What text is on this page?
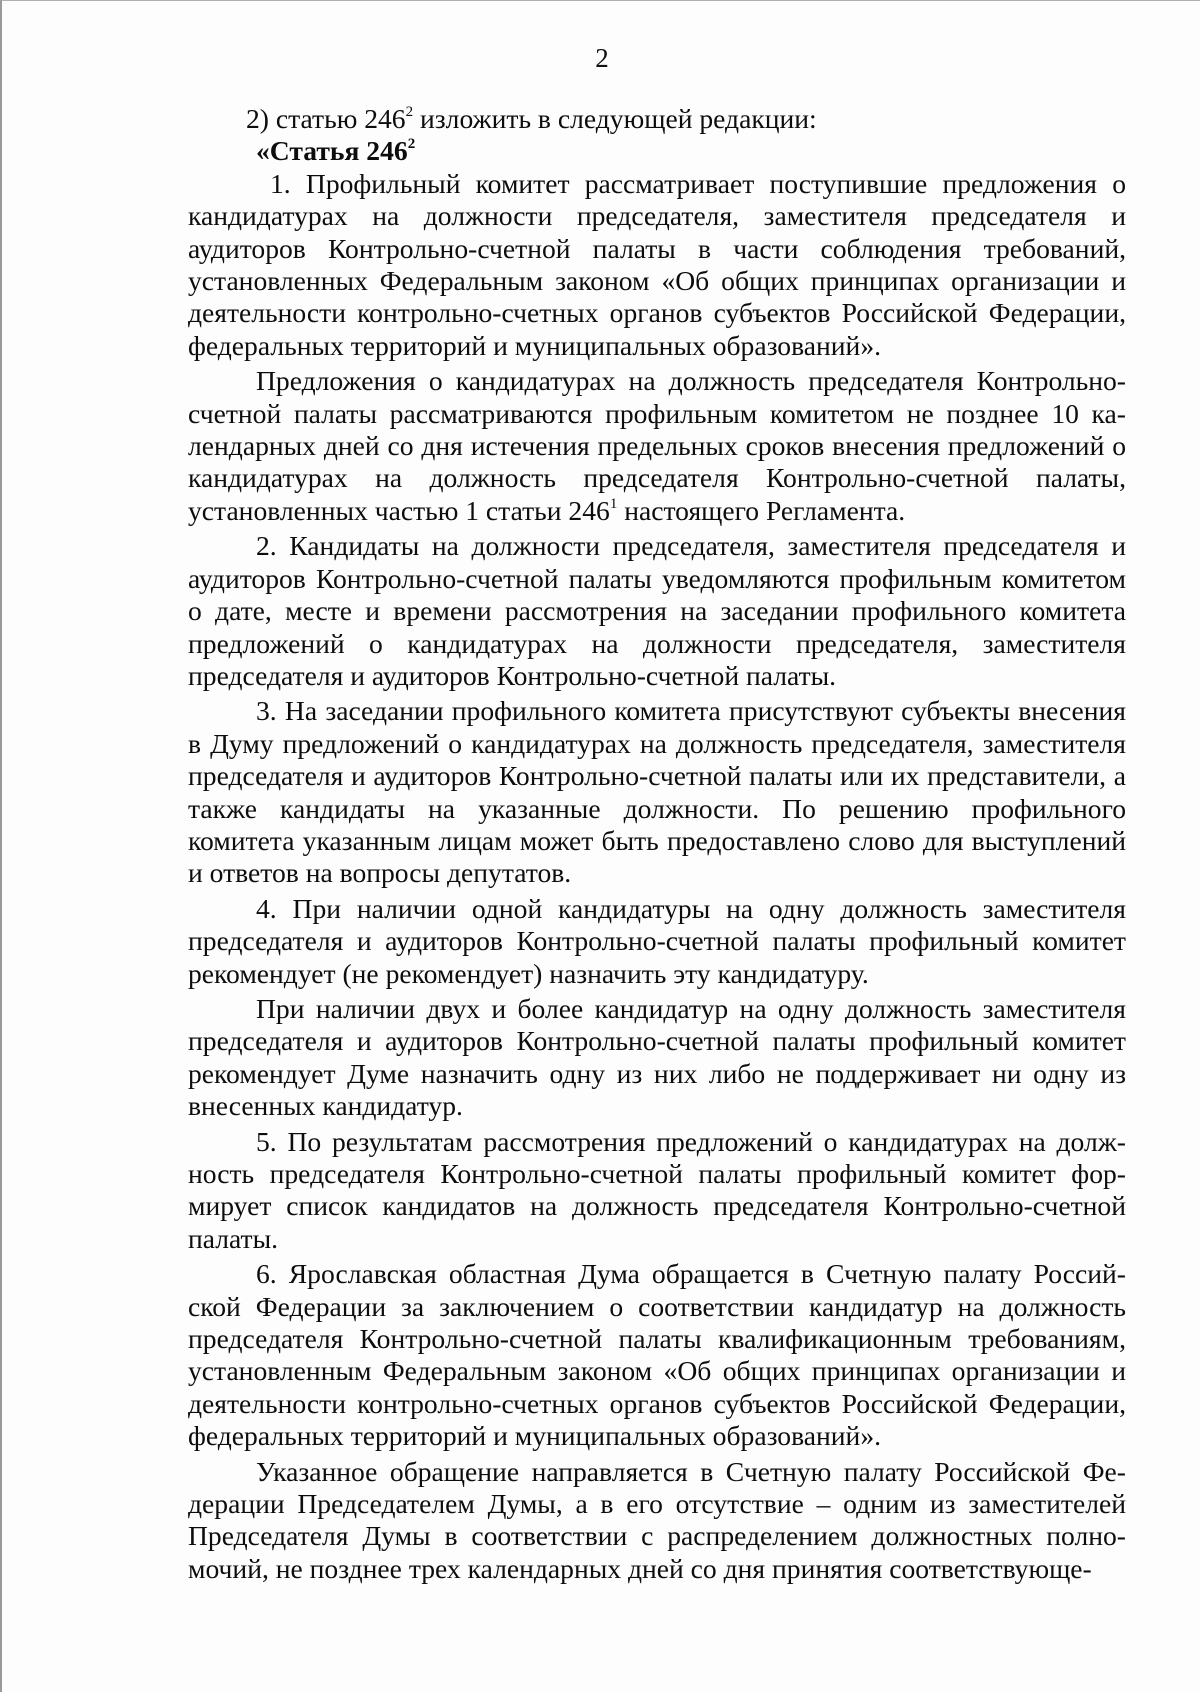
2

2) статью $246^2$ изложить в следующей редакции:

«Статья $246^2$

1. Профильный комитет рассматривает поступившие предложения о кандидатурах на должности председателя, заместителя председателя и аудиторов Контрольно-счетной палаты в части соблюдения требований, установленных Федеральным законом «Об общих принципах организации и деятельности контрольно-счетных органов субъектов Российской Федерации, федеральных территорий и муниципальных образований».

Предложения о кандидатурах на должность председателя Контрольно-счетной палаты рассматриваются профильным комитетом не позднее 10 календарных дней со дня истечения предельных сроков внесения предложений о кандидатурах на должность председателя Контрольно-счетной палаты, установленных частью 1 статьи $246^1$ настоящего Регламента.

2. Кандидаты на должности председателя, заместителя председателя и аудиторов Контрольно-счетной палаты уведомляются профильным комитетом о дате, месте и времени рассмотрения на заседании профильного комитета предложений о кандидатурах на должности председателя, заместителя председателя и аудиторов Контрольно-счетной палаты.

3. На заседании профильного комитета присутствуют субъекты внесения в Думу предложений о кандидатурах на должность председателя, заместителя председателя и аудиторов Контрольно-счетной палаты или их представители, а также кандидаты на указанные должности. По решению профильного комитета указанным лицам может быть предоставлено слово для выступлений и ответов на вопросы депутатов.

4. При наличии одной кандидатуры на одну должность заместителя председателя и аудиторов Контрольно-счетной палаты профильный комитет рекомендует (не рекомендует) назначить эту кандидатуру.

При наличии двух и более кандидатур на одну должность заместителя председателя и аудиторов Контрольно-счетной палаты профильный комитет рекомендует Думе назначить одну из них либо не поддерживает ни одну из внесенных кандидатур.

5. По результатам рассмотрения предложений о кандидатурах на должность председателя Контрольно-счетной палаты профильный комитет формирует список кандидатов на должность председателя Контрольно-счетной палаты.

6. Ярославская областная Дума обращается в Счетную палату Российской Федерации за заключением о соответствии кандидатур на должность председателя Контрольно-счетной палаты квалификационным требованиям, установленным Федеральным законом «Об общих принципах организации и деятельности контрольно-счетных органов субъектов Российской Федерации, федеральных территорий и муниципальных образований».

Указанное обращение направляется в Счетную палату Российской Федерации Председателем Думы, а в его отсутствие – одним из заместителей Председателя Думы в соответствии с распределением должностных полномочий, не позднее трех календарных дней со дня принятия соответствующе-
